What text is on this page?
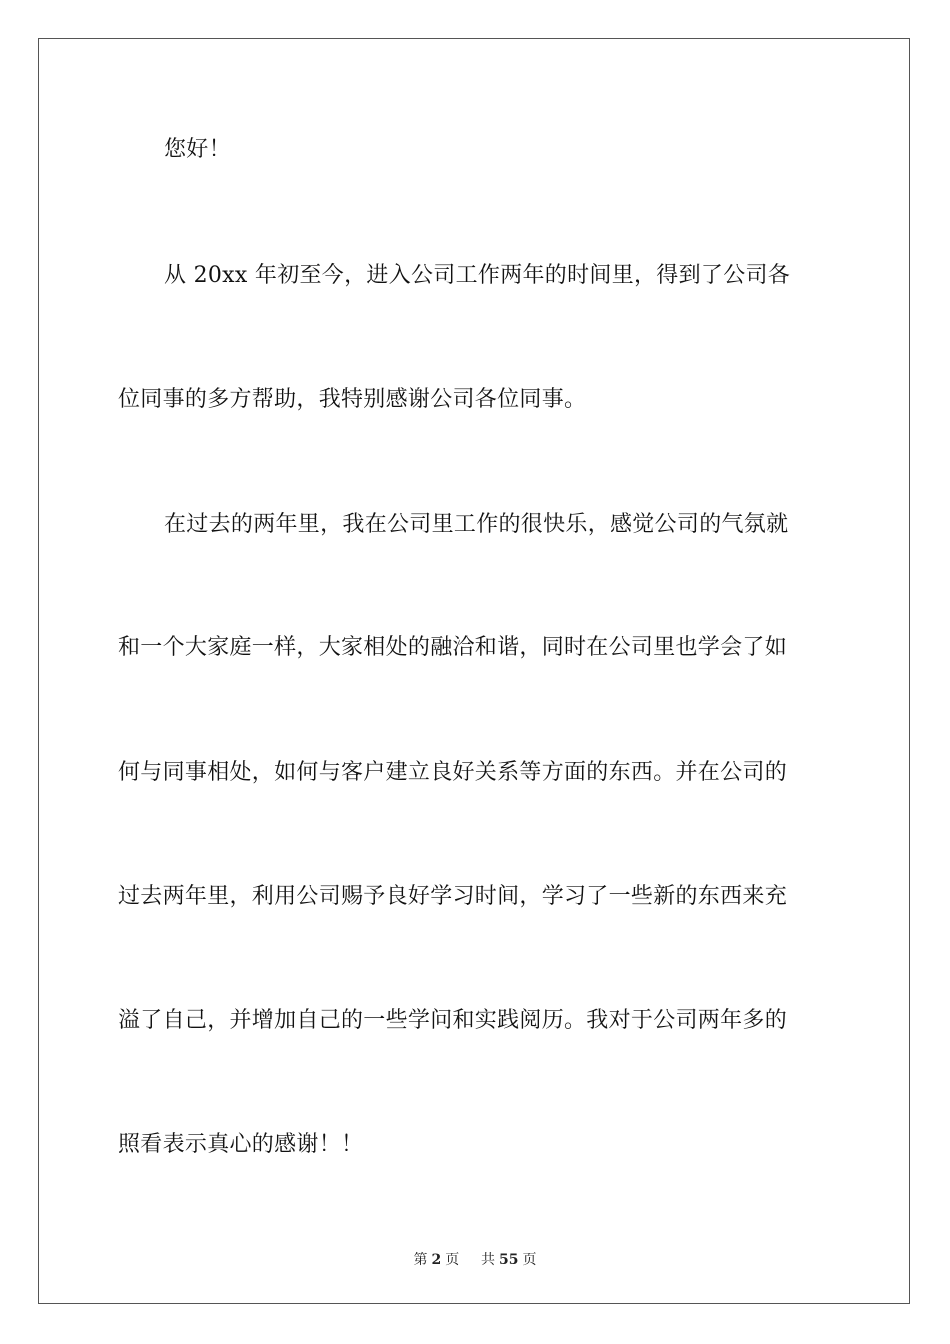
您好！
从 20xx 年初至今，进入公司工作两年的时间里，得到了公司各
位同事的多方帮助，我特别感谢公司各位同事。
在过去的两年里，我在公司里工作的很快乐，感觉公司的气氛就
和一个大家庭一样，大家相处的融洽和谐，同时在公司里也学会了如
何与同事相处，如何与客户建立良好关系等方面的东西。并在公司的
过去两年里，利用公司赐予良好学习时间，学习了一些新的东西来充
溢了自己，并增加自己的一些学问和实践阅历。我对于公司两年多的
照看表示真心的感谢！！
第 2 页 共 55 页
